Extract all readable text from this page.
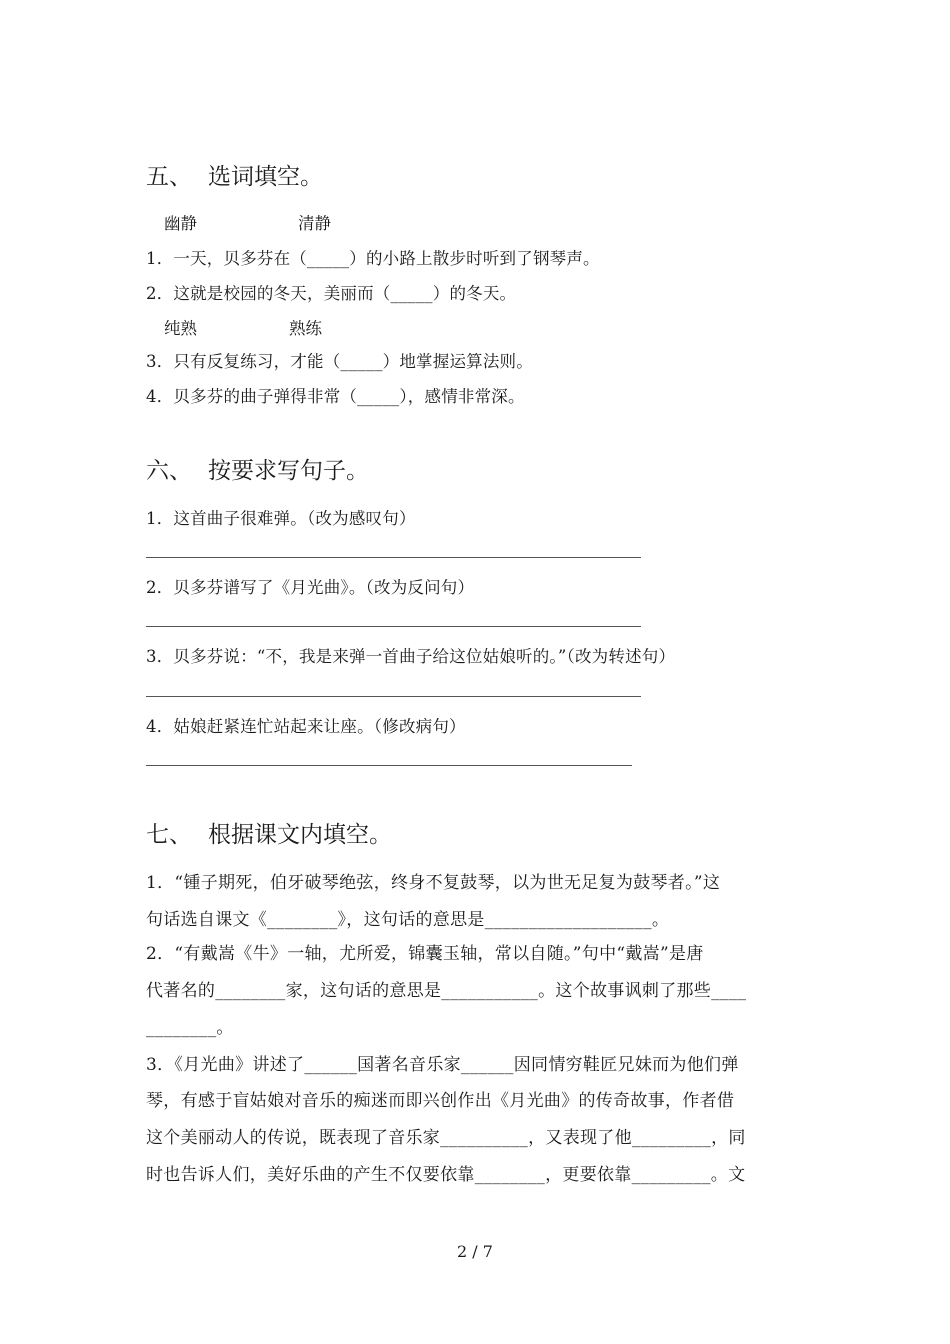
五、 选词填空。
幽静	清静
1．一天，贝多芬在（_____）的小路上散步时听到了钢琴声。
2．这就是校园的冬天，美丽而（_____）的冬天。
纯熟	熟练
3．只有反复练习，才能（_____）地掌握运算法则。
4．贝多芬的曲子弹得非常（_____），感情非常深。
六、 按要求写句子。
1．这首曲子很难弹。（改为感叹句）
2．贝多芬谱写了《月光曲》。（改为反问句）
3．贝多芬说：“不，我是来弹一首曲子给这位姑娘听的。”（改为转述句）
4．姑娘赶紧连忙站起来让座。（修改病句）
七、 根据课文内填空。
1．“锺子期死，伯牙破琴绝弦，终身不复鼓琴，以为世无足复为鼓琴者。”这
句话选自课文《________》，这句话的意思是___________________。
2．“有戴嵩《牛》一轴，尤所爱，锦囊玉轴，常以自随。”句中“戴嵩”是唐
代著名的________家，这句话的意思是___________。这个故事讽刺了那些____
________。
3．《月光曲》讲述了______国著名音乐家______因同情穷鞋匠兄妹而为他们弹
琴，有感于盲姑娘对音乐的痴迷而即兴创作出《月光曲》的传奇故事，作者借
这个美丽动人的传说，既表现了音乐家__________，又表现了他_________，同
时也告诉人们，美好乐曲的产生不仅要依靠________，更要依靠_________。文
2 / 7
